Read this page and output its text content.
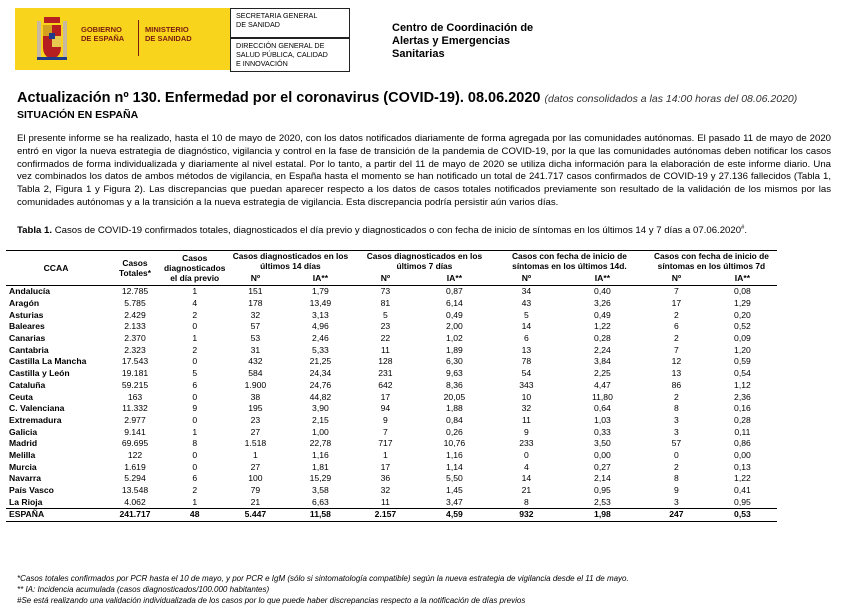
GOBIERNO
DE ESPAÑA
MINISTERIO
DE SANIDAD
SECRETARIA GENERAL
DE SANIDAD
DIRECCIÓN GENERAL DE
SALUD PÚBLICA, CALIDAD
E INNOVACIÓN
Centro de Coordinación de
Alertas y Emergencias
Sanitarias
Actualización nº 130. Enfermedad por el coronavirus (COVID-19). 08.06.2020 (datos consolidados a las 14:00 horas del 08.06.2020)
SITUACIÓN EN ESPAÑA
El presente informe se ha realizado, hasta el 10 de mayo de 2020, con los datos notificados diariamente de forma agregada por las comunidades autónomas. El pasado 11 de mayo de 2020 entró en vigor la nueva estrategia de diagnóstico, vigilancia y control en la fase de transición de la pandemia de COVID-19, por la que las comunidades autónomas deben notificar los casos confirmados de forma individualizada y diariamente al nivel estatal. Por lo tanto, a partir del 11 de mayo de 2020 se utiliza dicha información para la elaboración de este informe diario. Una vez combinados los datos de ambos métodos de vigilancia, en España hasta el momento se han notificado un total de 241.717 casos confirmados de COVID-19 y 27.136 fallecidos (Tabla 1, Tabla 2, Figura 1 y Figura 2). Las discrepancias que puedan aparecer respecto a los datos de casos totales notificados previamente son resultado de la validación de los mismos por las comunidades autónomas y a la transición a la nueva estrategia de vigilancia. Esta discrepancia podría persistir aún varios días.
Tabla 1. Casos de COVID-19 confirmados totales, diagnosticados el día previo y diagnosticados o con fecha de inicio de síntomas en los últimos 14 y 7 días a 07.06.2020#.
CCAA	Casos Totales*	Casos diagnosticados el día previo	Casos diagnosticados en los últimos 14 días		Casos diagnosticados en los últimos 7 días		Casos con fecha de inicio de síntomas en los últimos 14d.		Casos con fecha de inicio de síntomas en los últimos 7d	
			Nº	IA**	Nº	IA**	Nº	IA**	Nº	IA**
Andalucía	12.785	1	151	1,79	73	0,87	34	0,40	7	0,08
Aragón	5.785	4	178	13,49	81	6,14	43	3,26	17	1,29
Asturias	2.429	2	32	3,13	5	0,49	5	0,49	2	0,20
Baleares	2.133	0	57	4,96	23	2,00	14	1,22	6	0,52
Canarias	2.370	1	53	2,46	22	1,02	6	0,28	2	0,09
Cantabria	2.323	2	31	5,33	11	1,89	13	2,24	7	1,20
Castilla La Mancha	17.543	0	432	21,25	128	6,30	78	3,84	12	0,59
Castilla y León	19.181	5	584	24,34	231	9,63	54	2,25	13	0,54
Cataluña	59.215	6	1.900	24,76	642	8,36	343	4,47	86	1,12
Ceuta	163	0	38	44,82	17	20,05	10	11,80	2	2,36
C. Valenciana	11.332	9	195	3,90	94	1,88	32	0,64	8	0,16
Extremadura	2.977	0	23	2,15	9	0,84	11	1,03	3	0,28
Galicia	9.141	1	27	1,00	7	0,26	9	0,33	3	0,11
Madrid	69.695	8	1.518	22,78	717	10,76	233	3,50	57	0,86
Melilla	122	0	1	1,16	1	1,16	0	0,00	0	0,00
Murcia	1.619	0	27	1,81	17	1,14	4	0,27	2	0,13
Navarra	5.294	6	100	15,29	36	5,50	14	2,14	8	1,22
País Vasco	13.548	2	79	3,58	32	1,45	21	0,95	9	0,41
La Rioja	4.062	1	21	6,63	11	3,47	8	2,53	3	0,95
ESPAÑA	241.717	48	5.447	11,58	2.157	4,59	932	1,98	247	0,53
*Casos totales confirmados por PCR hasta el 10 de mayo, y por PCR e IgM (sólo si sintomatología compatible) según la nueva estrategia de vigilancia desde el 11 de mayo.
** IA: Incidencia acumulada (casos diagnosticados/100.000 habitantes)
#Se está realizando una validación individualizada de los casos por lo que puede haber discrepancias respecto a la notificación de días previos
